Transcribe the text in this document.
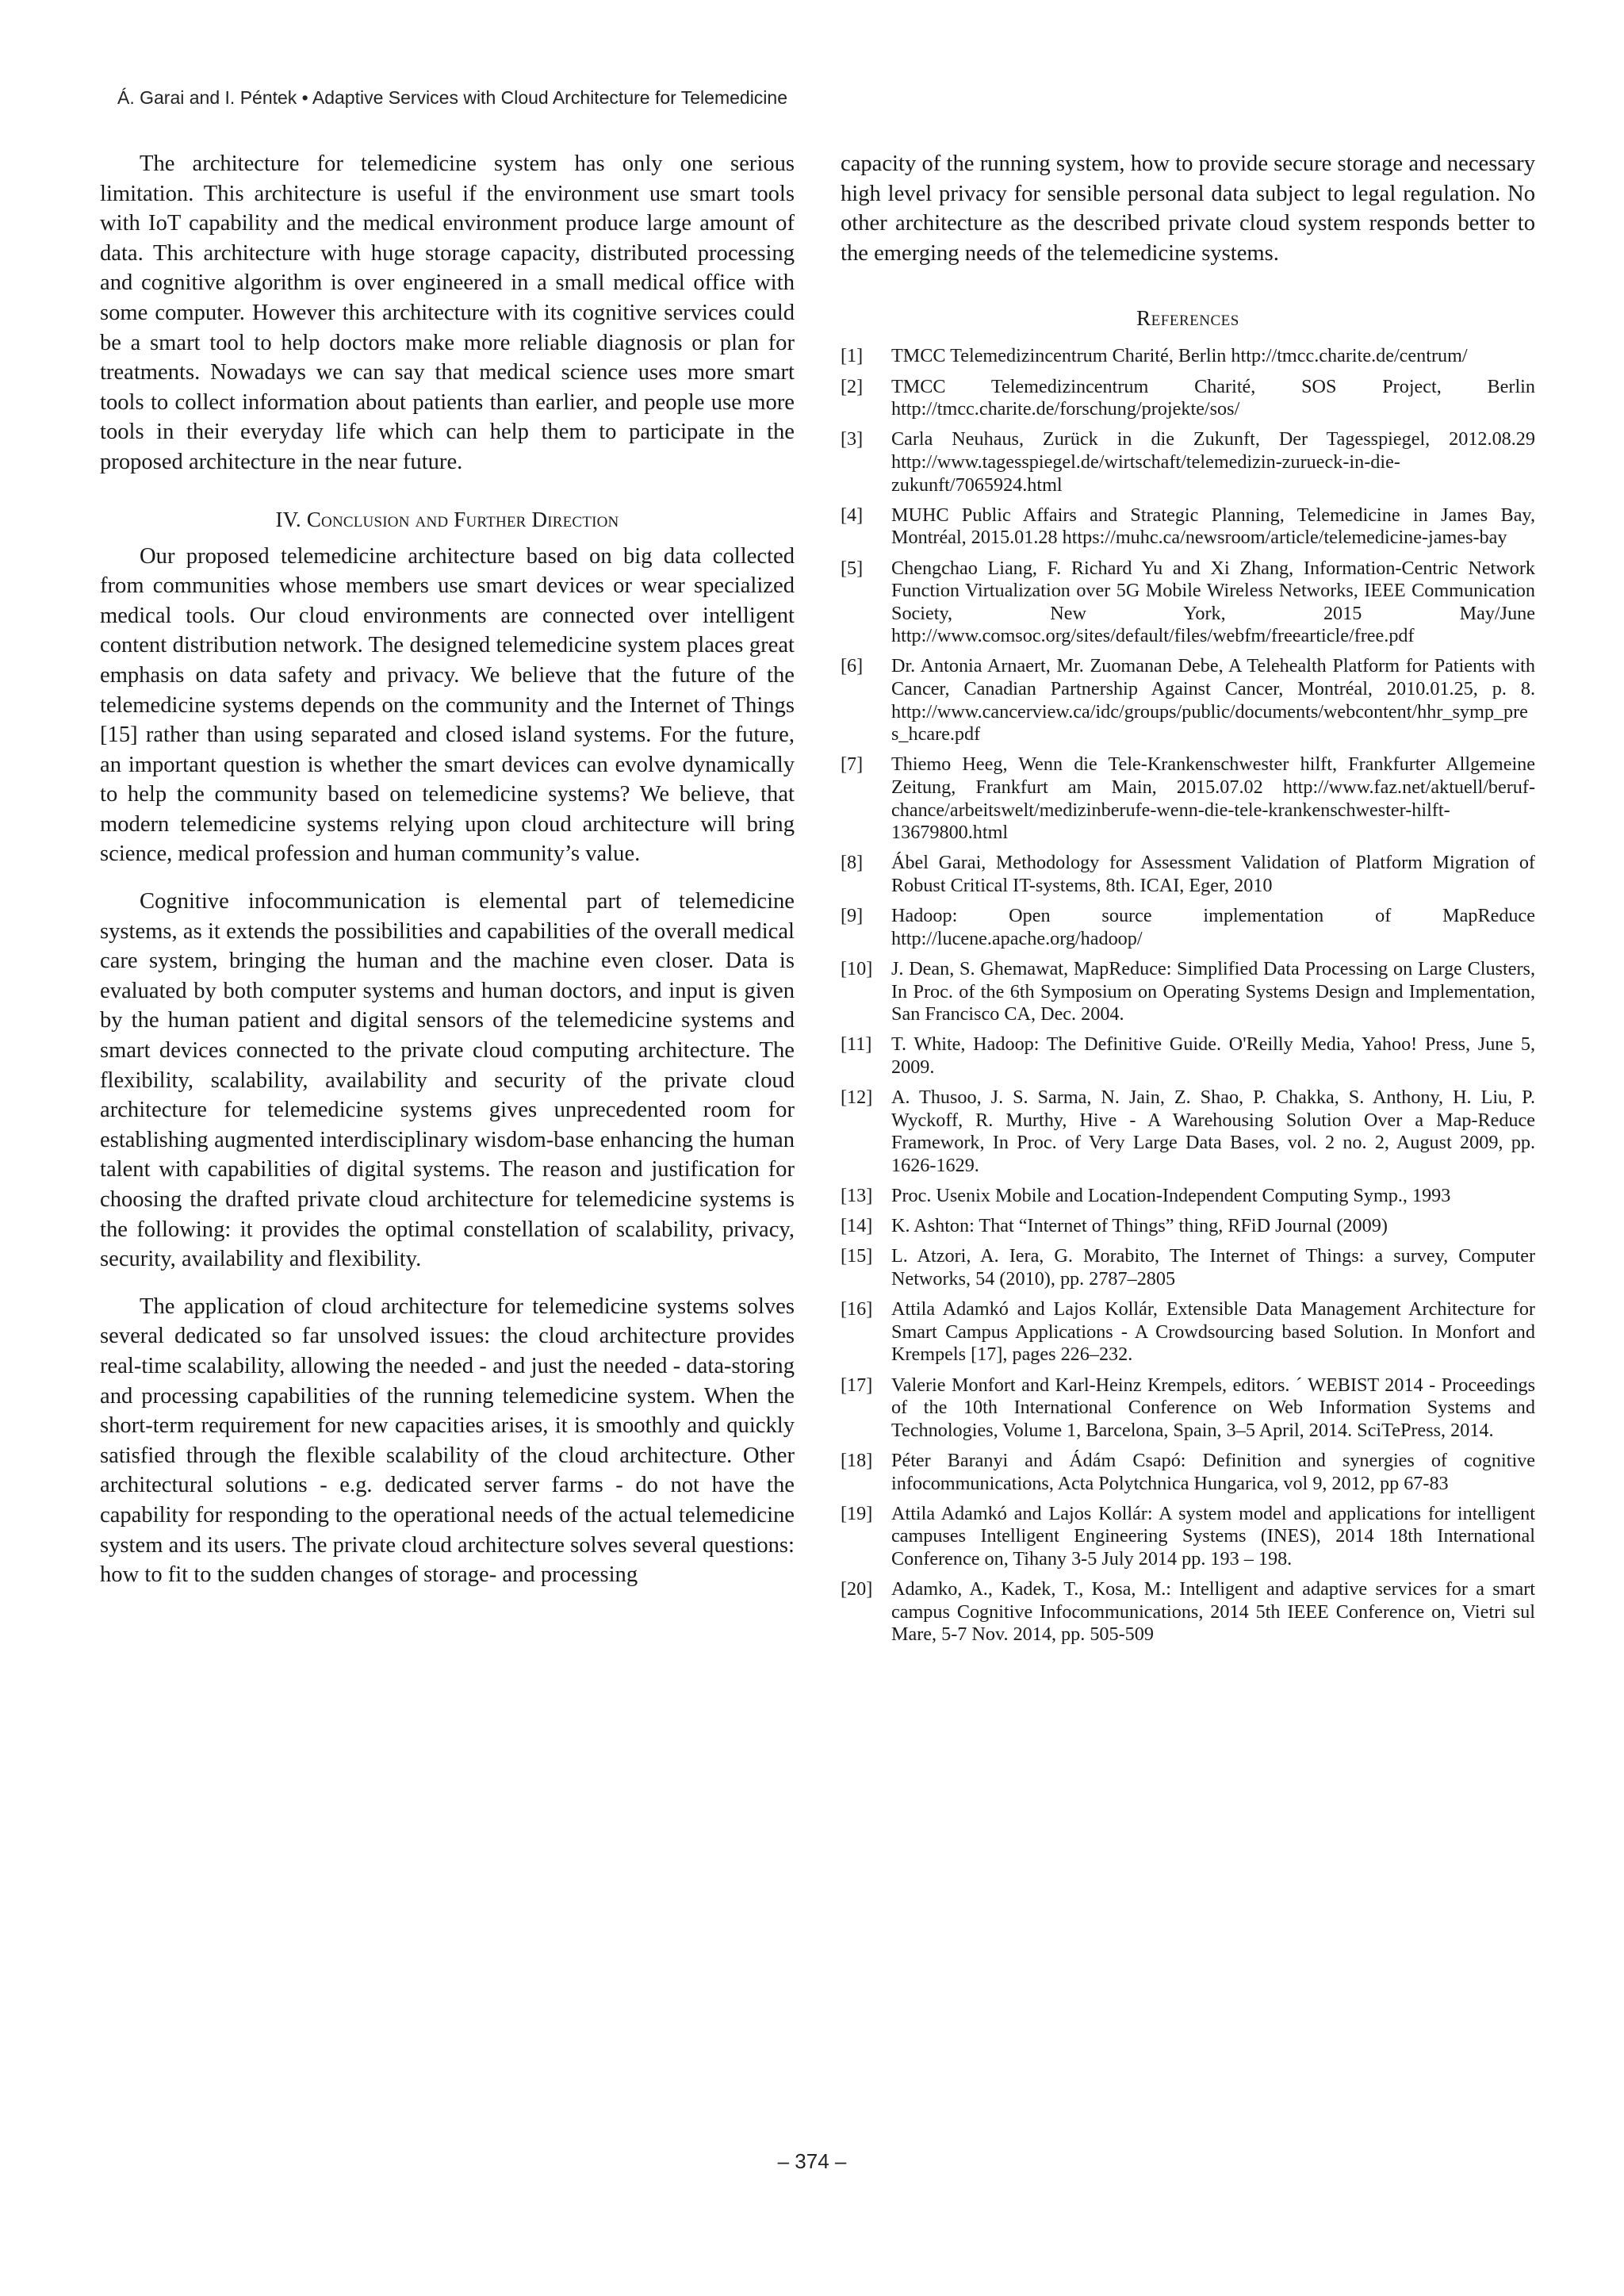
Á. Garai and I. Péntek • Adaptive Services with Cloud Architecture for Telemedicine

The architecture for telemedicine system has only one serious limitation. This architecture is useful if the environment use smart tools with IoT capability and the medical environment produce large amount of data. This architecture with huge storage capacity, distributed processing and cognitive algorithm is over engineered in a small medical office with some computer. However this architecture with its cognitive services could be a smart tool to help doctors make more reliable diagnosis or plan for treatments. Nowadays we can say that medical science uses more smart tools to collect information about patients than earlier, and people use more tools in their everyday life which can help them to participate in the proposed architecture in the near future.

IV. Conclusion and Further Direction

Our proposed telemedicine architecture based on big data collected from communities whose members use smart devices or wear specialized medical tools. Our cloud environments are connected over intelligent content distribution network. The designed telemedicine system places great emphasis on data safety and privacy. We believe that the future of the telemedicine systems depends on the community and the Internet of Things [15] rather than using separated and closed island systems. For the future, an important question is whether the smart devices can evolve dynamically to help the community based on telemedicine systems? We believe, that modern telemedicine systems relying upon cloud architecture will bring science, medical profession and human community’s value.

Cognitive infocommunication is elemental part of telemedicine systems, as it extends the possibilities and capabilities of the overall medical care system, bringing the human and the machine even closer. Data is evaluated by both computer systems and human doctors, and input is given by the human patient and digital sensors of the telemedicine systems and smart devices connected to the private cloud computing architecture. The flexibility, scalability, availability and security of the private cloud architecture for telemedicine systems gives unprecedented room for establishing augmented interdisciplinary wisdom-base enhancing the human talent with capabilities of digital systems. The reason and justification for choosing the drafted private cloud architecture for telemedicine systems is the following: it provides the optimal constellation of scalability, privacy, security, availability and flexibility.

The application of cloud architecture for telemedicine systems solves several dedicated so far unsolved issues: the cloud architecture provides real-time scalability, allowing the needed - and just the needed - data-storing and processing capabilities of the running telemedicine system. When the short-term requirement for new capacities arises, it is smoothly and quickly satisfied through the flexible scalability of the cloud architecture. Other architectural solutions - e.g. dedicated server farms - do not have the capability for responding to the operational needs of the actual telemedicine system and its users. The private cloud architecture solves several questions: how to fit to the sudden changes of storage- and processing

capacity of the running system, how to provide secure storage and necessary high level privacy for sensible personal data subject to legal regulation. No other architecture as the described private cloud system responds better to the emerging needs of the telemedicine systems.

References
[1]	TMCC Telemedizincentrum Charité, Berlin http://tmcc.charite.de/centrum/
[2]	TMCC Telemedizincentrum Charité, SOS Project, Berlin http://tmcc.charite.de/forschung/projekte/sos/
[3]	Carla Neuhaus, Zurück in die Zukunft, Der Tagesspiegel, 2012.08.29 http://www.tagesspiegel.de/wirtschaft/telemedizin-zurueck-in-die-zukunft/7065924.html
[4]	MUHC Public Affairs and Strategic Planning, Telemedicine in James Bay, Montréal, 2015.01.28 https://muhc.ca/newsroom/article/telemedicine-james-bay
[5]	Chengchao Liang, F. Richard Yu and Xi Zhang, Information-Centric Network Function Virtualization over 5G Mobile Wireless Networks, IEEE Communication Society, New York, 2015 May/June http://www.comsoc.org/sites/default/files/webfm/freearticle/free.pdf
[6]	Dr. Antonia Arnaert, Mr. Zuomanan Debe, A Telehealth Platform for Patients with Cancer, Canadian Partnership Against Cancer, Montréal, 2010.01.25, p. 8. http://www.cancerview.ca/idc/groups/public/documents/webcontent/hhr_symp_pres_hcare.pdf
[7]	Thiemo Heeg, Wenn die Tele-Krankenschwester hilft, Frankfurter Allgemeine Zeitung, Frankfurt am Main, 2015.07.02 http://www.faz.net/aktuell/beruf-chance/arbeitswelt/medizinberufe-wenn-die-tele-krankenschwester-hilft-13679800.html
[8]	Ábel Garai, Methodology for Assessment Validation of Platform Migration of Robust Critical IT-systems, 8th. ICAI, Eger, 2010
[9]	Hadoop: Open source implementation of MapReduce http://lucene.apache.org/hadoop/
[10] J. Dean, S. Ghemawat, MapReduce: Simplified Data Processing on Large Clusters, In Proc. of the 6th Symposium on Operating Systems Design and Implementation, San Francisco CA, Dec. 2004.
[11]	T. White, Hadoop: The Definitive Guide. O'Reilly Media, Yahoo! Press, June 5, 2009.
[12] A. Thusoo, J. S. Sarma, N. Jain, Z. Shao, P. Chakka, S. Anthony, H. Liu, P. Wyckoff, R. Murthy, Hive - A Warehousing Solution Over a Map-Reduce Framework, In Proc. of Very Large Data Bases, vol. 2 no. 2, August 2009, pp. 1626-1629.
[13] Proc. Usenix Mobile and Location-Independent Computing Symp., 1993
[14] K. Ashton: That “Internet of Things” thing, RFiD Journal (2009)
[15] L. Atzori, A. Iera, G. Morabito, The Internet of Things: a survey, Computer Networks, 54 (2010), pp. 2787–2805
[16] Attila Adamkó and Lajos Kollár, Extensible Data Management Architecture for Smart Campus Applications - A Crowdsourcing based Solution. In Monfort and Krempels [17], pages 226–232.
[17] Valerie Monfort and Karl-Heinz Krempels, editors. ´ WEBIST 2014 - Proceedings of the 10th International Conference on Web Information Systems and Technologies, Volume 1, Barcelona, Spain, 3–5 April, 2014. SciTePress, 2014.
[18] Péter Baranyi and Ádám Csapó: Definition and synergies of cognitive infocommunications, Acta Polytchnica Hungarica, vol 9, 2012, pp 67-83
[19] Attila Adamkó and Lajos Kollár: A system model and applications for intelligent campuses Intelligent Engineering Systems (INES), 2014 18th International Conference on, Tihany 3-5 July 2014 pp. 193 – 198.
[20] Adamko, A., Kadek, T., Kosa, M.: Intelligent and adaptive services for a smart campus Cognitive Infocommunications, 2014 5th IEEE Conference on, Vietri sul Mare, 5-7 Nov. 2014, pp. 505-509
– 374 –
